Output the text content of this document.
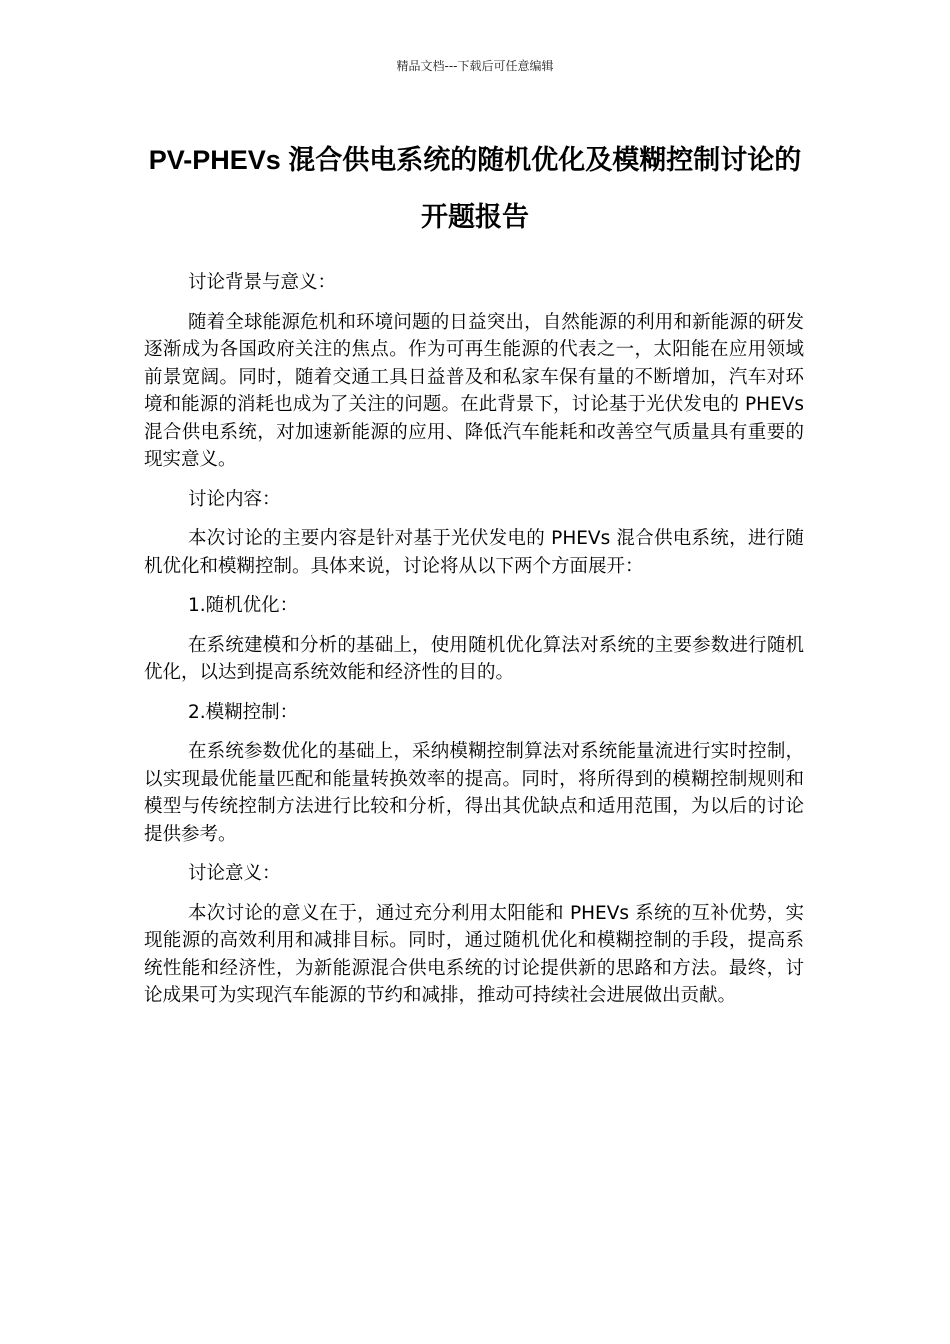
精品文档---下载后可任意编辑
PV-PHEVs 混合供电系统的随机优化及模糊控制讨论的开题报告

讨论背景与意义：

随着全球能源危机和环境问题的日益突出，自然能源的利用和新能源的研发逐渐成为各国政府关注的焦点。作为可再生能源的代表之一，太阳能在应用领域前景宽阔。同时，随着交通工具日益普及和私家车保有量的不断增加，汽车对环境和能源的消耗也成为了关注的问题。在此背景下，讨论基于光伏发电的 PHEVs 混合供电系统，对加速新能源的应用、降低汽车能耗和改善空气质量具有重要的现实意义。

讨论内容：

本次讨论的主要内容是针对基于光伏发电的 PHEVs 混合供电系统，进行随机优化和模糊控制。具体来说，讨论将从以下两个方面展开：

1.随机优化：

在系统建模和分析的基础上，使用随机优化算法对系统的主要参数进行随机优化，以达到提高系统效能和经济性的目的。

2.模糊控制：

在系统参数优化的基础上，采纳模糊控制算法对系统能量流进行实时控制，以实现最优能量匹配和能量转换效率的提高。同时，将所得到的模糊控制规则和模型与传统控制方法进行比较和分析，得出其优缺点和适用范围，为以后的讨论提供参考。

讨论意义：

本次讨论的意义在于，通过充分利用太阳能和 PHEVs 系统的互补优势，实现能源的高效利用和减排目标。同时，通过随机优化和模糊控制的手段，提高系统性能和经济性，为新能源混合供电系统的讨论提供新的思路和方法。最终，讨论成果可为实现汽车能源的节约和减排，推动可持续社会进展做出贡献。
